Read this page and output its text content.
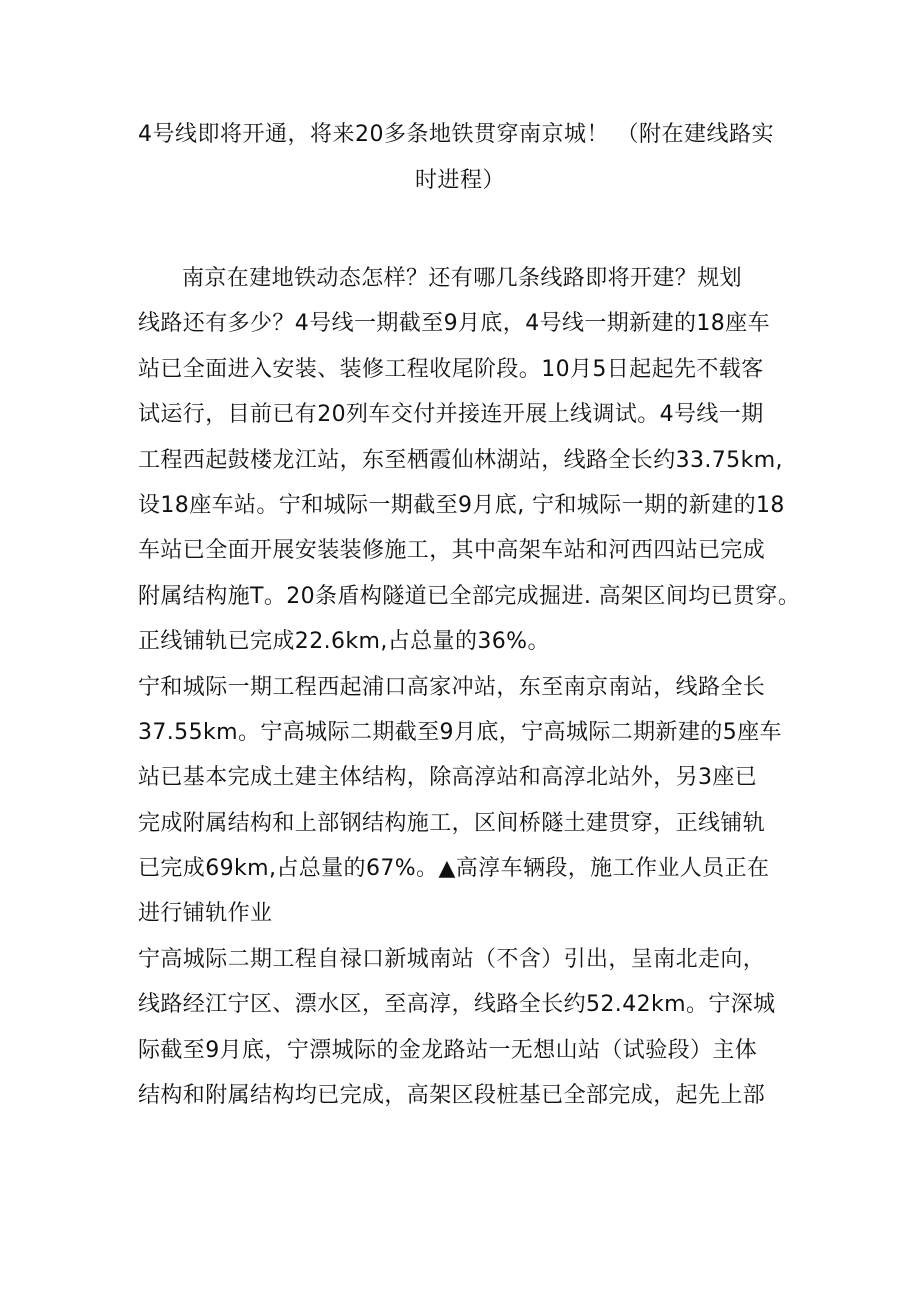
4号线即将开通，将来20多条地铁贯穿南京城！ （附在建线路实
时进程）
南京在建地铁动态怎样？还有哪几条线路即将开建？规划
线路还有多少？4号线一期截至9月底，4号线一期新建的18座车
站已全面进入安装、装修工程收尾阶段。10月5日起起先不载客
试运行，目前已有20列车交付并接连开展上线调试。4号线一期
工程西起鼓楼龙江站，东至栖霞仙林湖站，线路全长约33.75km,
设18座车站。宁和城际一期截至9月底, 宁和城际一期的新建的18
车站已全面开展安装装修施工，其中高架车站和河西四站已完成
附属结构施T。20条盾构隧道已全部完成掘进. 高架区间均已贯穿。
正线铺轨已完成22.6km,占总量的36%。
宁和城际一期工程西起浦口高家冲站，东至南京南站，线路全长
37.55km。宁高城际二期截至9月底，宁高城际二期新建的5座车
站已基本完成土建主体结构，除高淳站和高淳北站外，另3座已
完成附属结构和上部钢结构施工，区间桥隧土建贯穿，正线铺轨
已完成69km,占总量的67%。▲高淳车辆段，施工作业人员正在
进行铺轨作业
宁高城际二期工程自禄口新城南站（不含）引出，呈南北走向，
线路经江宁区、漂水区，至高淳，线路全长约52.42km。宁深城
际截至9月底，宁漂城际的金龙路站一无想山站（试验段）主体
结构和附属结构均已完成，高架区段桩基已全部完成，起先上部
